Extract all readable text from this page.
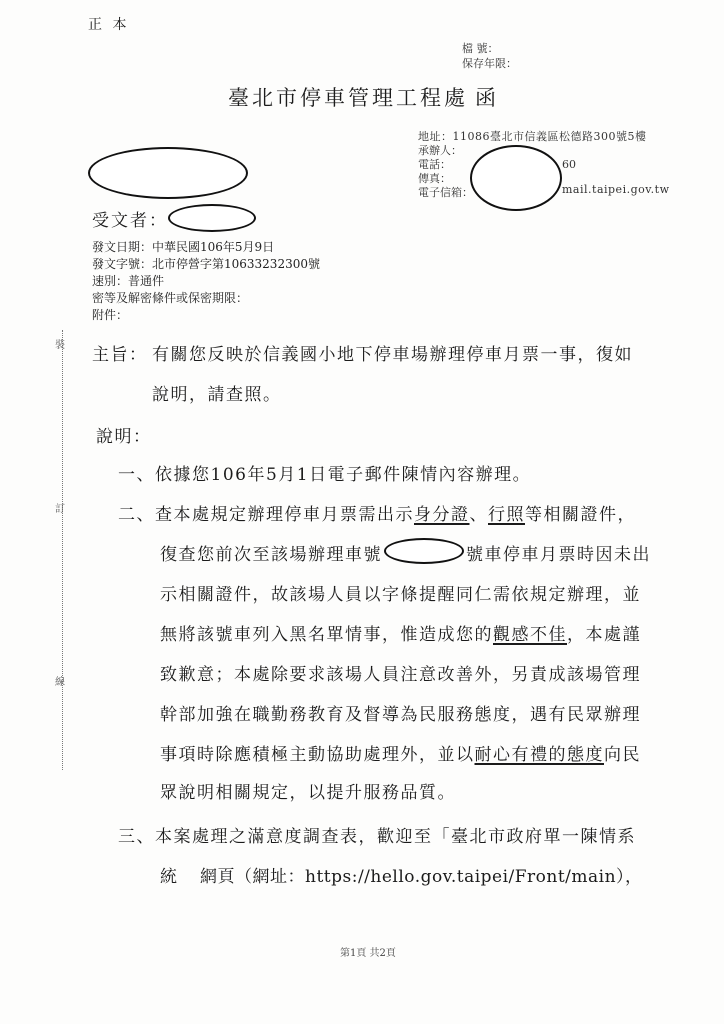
正 本
檔 號：
保存年限：
臺北市停車管理工程處 函
地址：11086臺北市信義區松德路300號5樓
承辦人：
電話：	60
傳真：
電子信箱：	mail.taipei.gov.tw
受文者：
發文日期：中華民國106年5月9日
發文字號：北市停營字第10633232300號
速別：普通件
密等及解密條件或保密期限：
附件：
裝
訂
線
主旨： 有關您反映於信義國小地下停車場辦理停車月票一事，復如
說明，請查照。
說明：
一、依據您106年5月1日電子郵件陳情內容辦理。
二、查本處規定辦理停車月票需出示身分證、行照等相關證件，
復查您前次至該場辦理車號	號車停車月票時因未出
示相關證件，故該場人員以字條提醒同仁需依規定辦理，並
無將該號車列入黑名單情事，惟造成您的觀感不佳，本處謹
致歉意；本處除要求該場人員注意改善外，另責成該場管理
幹部加強在職勤務教育及督導為民服務態度，遇有民眾辦理
事項時除應積極主動協助處理外，並以耐心有禮的態度向民
眾說明相關規定，以提升服務品質。
三、本案處理之滿意度調查表，歡迎至「臺北市政府單一陳情系
統 網頁（網址：https://hello.gov.taipei/Front/main），
第1頁 共2頁
